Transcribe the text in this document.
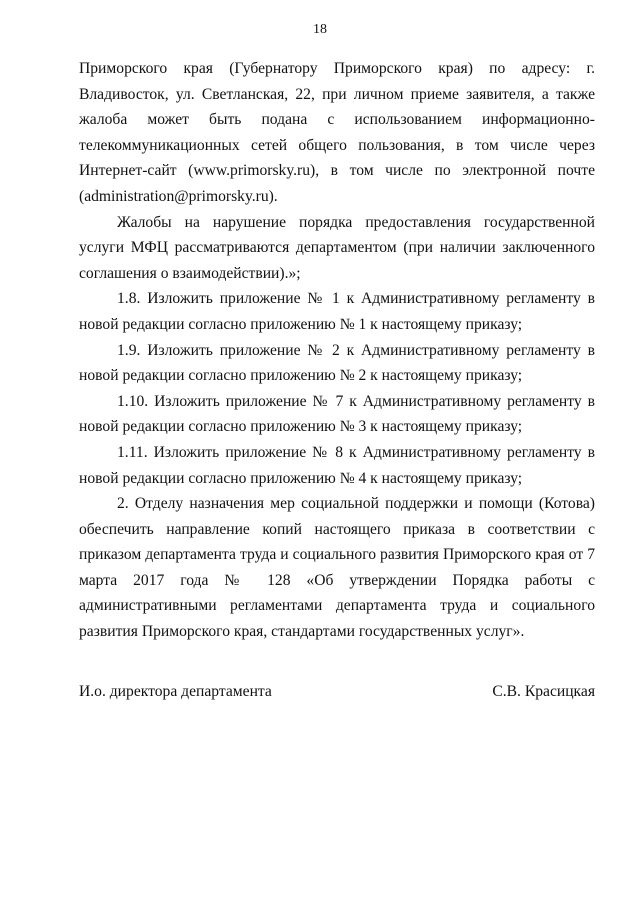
18

Приморского края (Губернатору Приморского края) по адресу: г. Владивосток, ул. Светланская, 22, при личном приеме заявителя, а также жалоба может быть подана с использованием информационно-телекоммуникационных сетей общего пользования, в том числе через Интернет-сайт (www.primorsky.ru), в том числе по электронной почте (administration@primorsky.ru).

Жалобы на нарушение порядка предоставления государственной услуги МФЦ рассматриваются департаментом (при наличии заключенного соглашения о взаимодействии).»;

1.8. Изложить приложение № 1 к Административному регламенту в новой редакции согласно приложению № 1 к настоящему приказу;

1.9. Изложить приложение № 2 к Административному регламенту в новой редакции согласно приложению № 2 к настоящему приказу;

1.10. Изложить приложение № 7 к Административному регламенту в новой редакции согласно приложению № 3 к настоящему приказу;

1.11. Изложить приложение № 8 к Административному регламенту в новой редакции согласно приложению № 4 к настоящему приказу;

2. Отделу назначения мер социальной поддержки и помощи (Котова) обеспечить направление копий настоящего приказа в соответствии с приказом департамента труда и социального развития Приморского края от 7 марта 2017 года № 128 «Об утверждении Порядка работы с административными регламентами департамента труда и социального развития Приморского края, стандартами государственных услуг».

И.о. директора департамента	С.В. Красицкая
